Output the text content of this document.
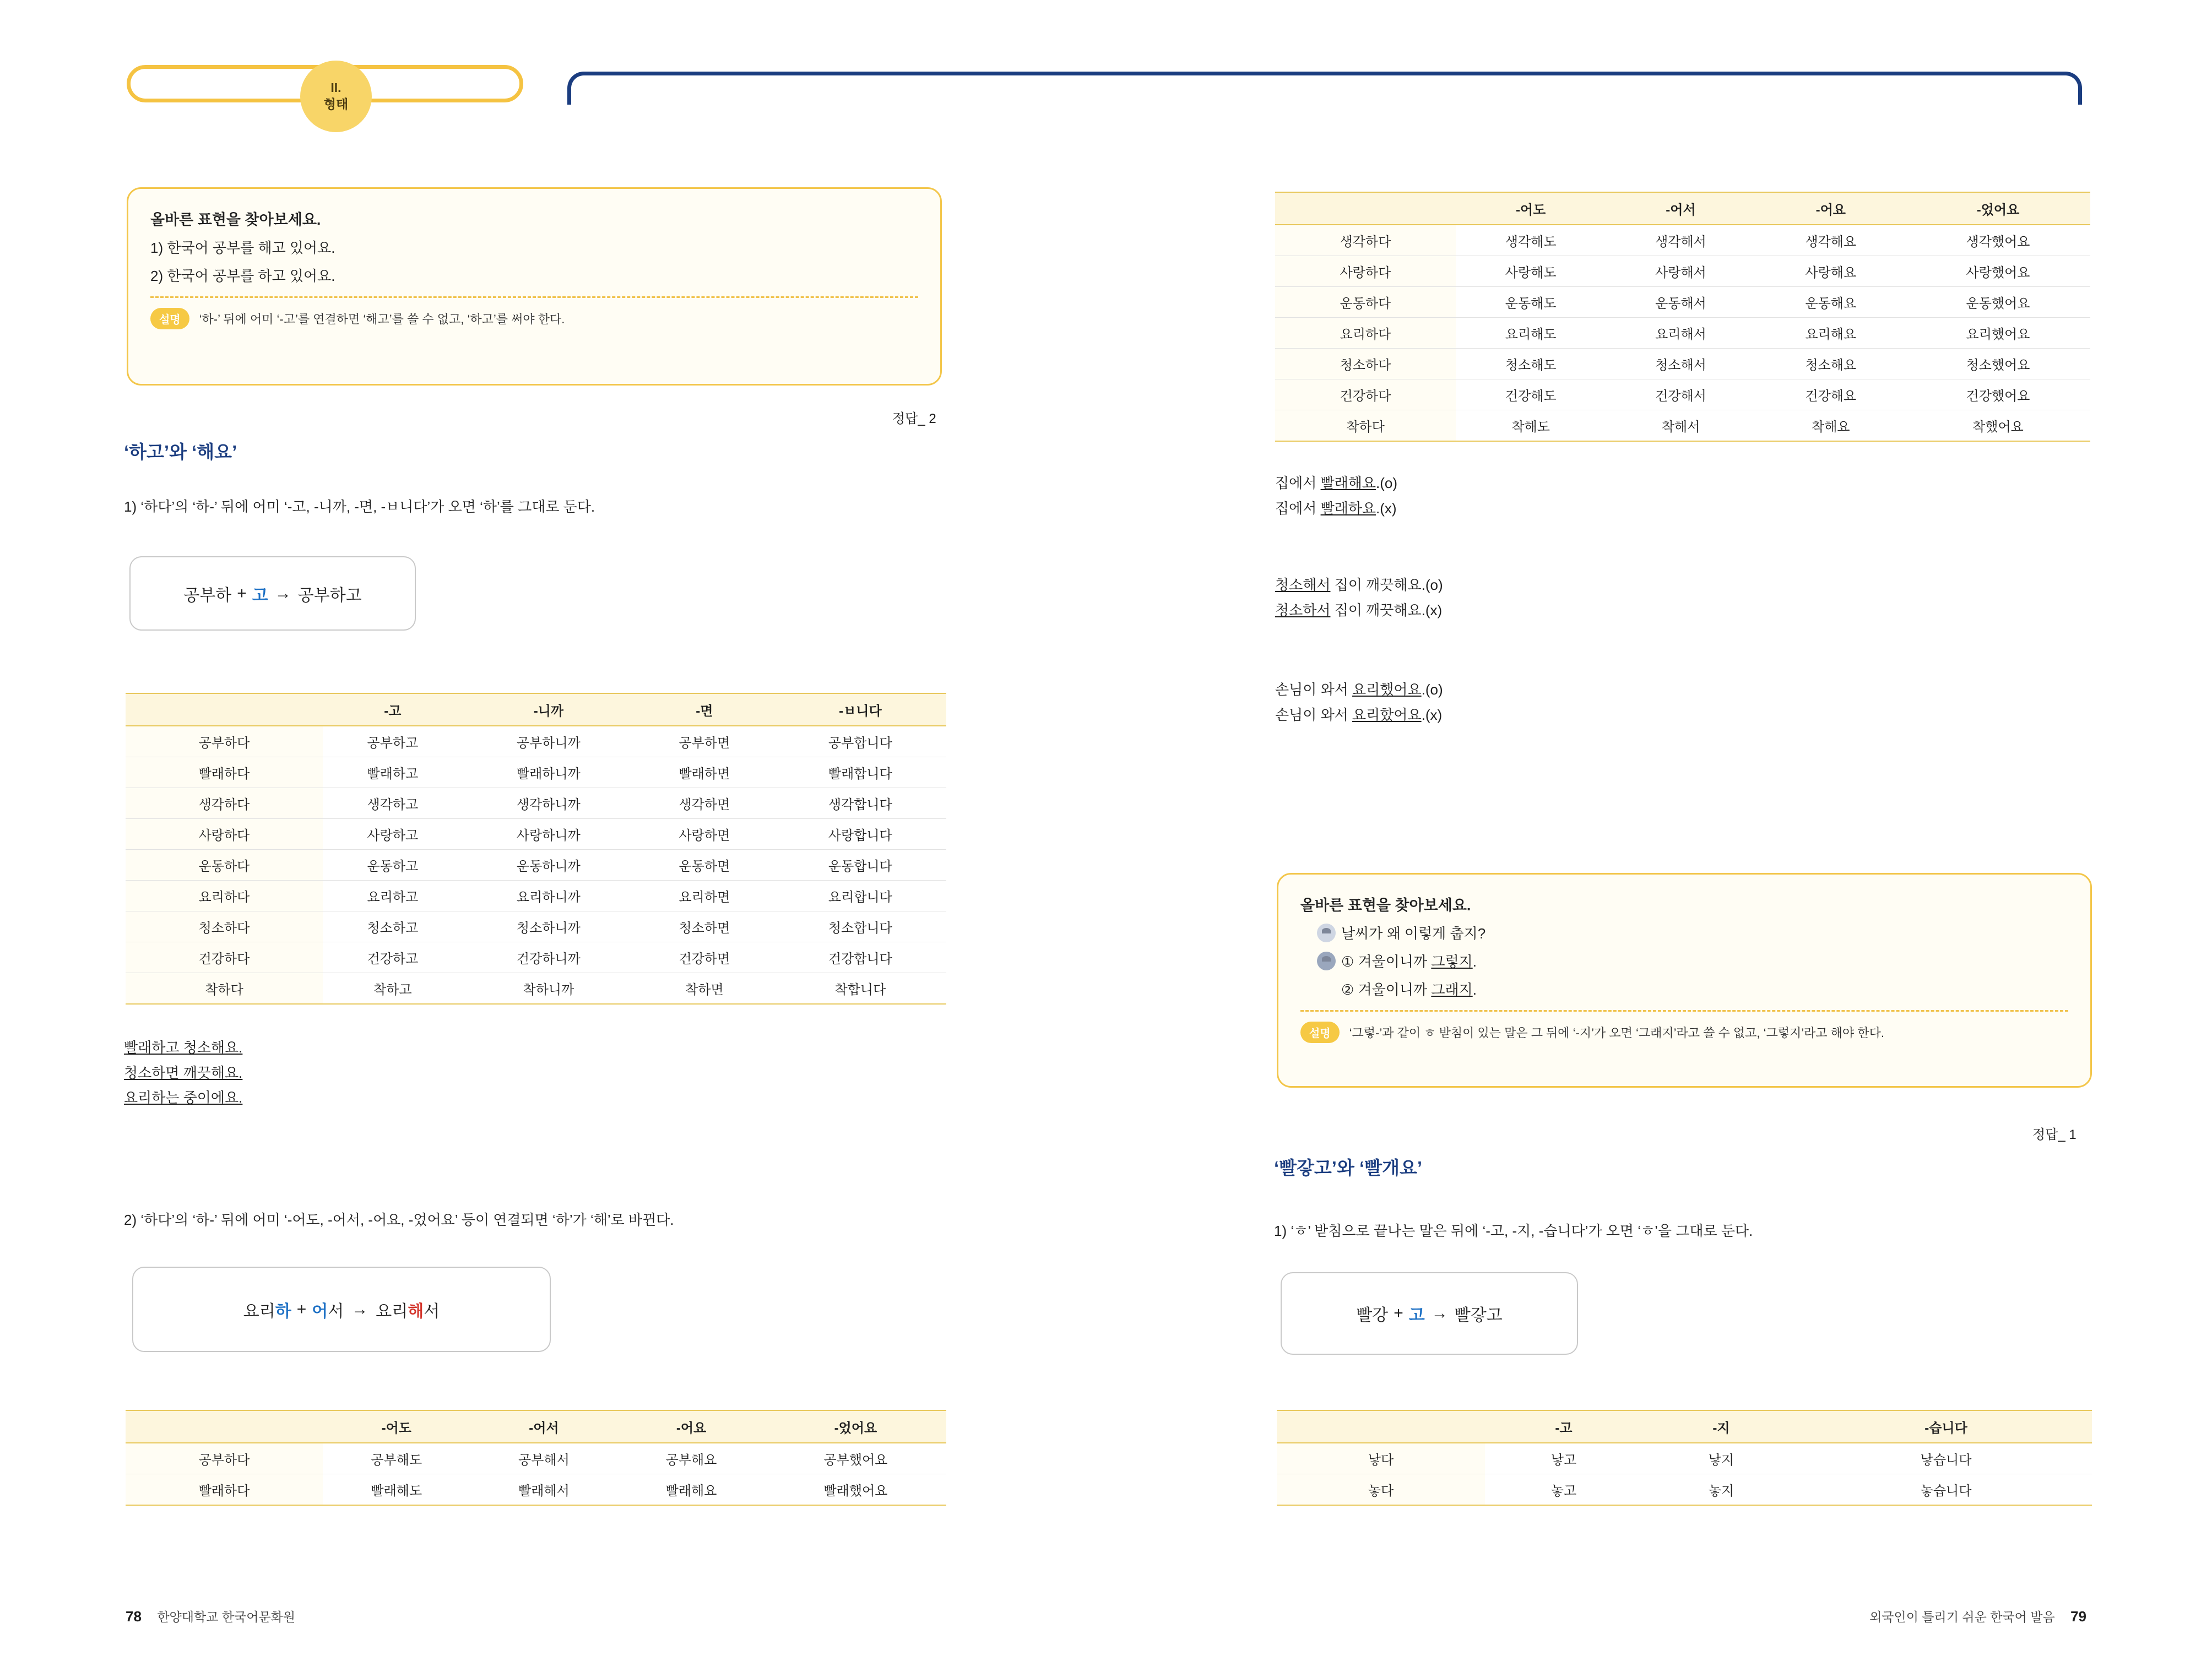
II.
형태
올바른 표현을 찾아보세요.
1) 한국어 공부를 해고 있어요.
2) 한국어 공부를 하고 있어요.
설명	‘하-’ 뒤에 어미 ‘-고’를 연결하면 ‘해고’를 쓸 수 없고, ‘하고’를 써야 한다.
정답_ 2
‘하고’와 ‘해요’
1) ‘하다’의 ‘하-’ 뒤에 어미 ‘-고, -니까, -면, -ㅂ니다’가 오면 ‘하’를 그대로 둔다.
공부하 + 고 → 공부하고
	-고	-니까	-면	-ㅂ니다
공부하다	공부하고	공부하니까	공부하면	공부합니다
빨래하다	빨래하고	빨래하니까	빨래하면	빨래합니다
생각하다	생각하고	생각하니까	생각하면	생각합니다
사랑하다	사랑하고	사랑하니까	사랑하면	사랑합니다
운동하다	운동하고	운동하니까	운동하면	운동합니다
요리하다	요리하고	요리하니까	요리하면	요리합니다
청소하다	청소하고	청소하니까	청소하면	청소합니다
건강하다	건강하고	건강하니까	건강하면	건강합니다
착하다	착하고	착하니까	착하면	착합니다
빨래하고 청소해요.
청소하면 깨끗해요.
요리하는 중이에요.
2) ‘하다’의 ‘하-’ 뒤에 어미 ‘-어도, -어서, -어요, -었어요’ 등이 연결되면 ‘하’가 ‘해’로 바뀐다.
요리 하 + 어 서 → 요리 해 서
	-어도	-어서	-어요	-었어요
공부하다	공부해도	공부해서	공부해요	공부했어요
빨래하다	빨래해도	빨래해서	빨래해요	빨래했어요
78 한양대학교 한국어문화원
	-어도	-어서	-어요	-었어요
생각하다	생각해도	생각해서	생각해요	생각했어요
사랑하다	사랑해도	사랑해서	사랑해요	사랑했어요
운동하다	운동해도	운동해서	운동해요	운동했어요
요리하다	요리해도	요리해서	요리해요	요리했어요
청소하다	청소해도	청소해서	청소해요	청소했어요
건강하다	건강해도	건강해서	건강해요	건강했어요
착하다	착해도	착해서	착해요	착했어요
집에서 빨래해요.(o)
집에서 빨래하요.(x)
청소해서 집이 깨끗해요.(o)
청소하서 집이 깨끗해요.(x)
손님이 와서 요리했어요.(o)
손님이 와서 요리핬어요.(x)
올바른 표현을 찾아보세요.
날씨가 왜 이렇게 춥지?
① 겨울이니까 그렇지.
② 겨울이니까 그래지.
설명	‘그렇-’과 같이 ㅎ 받침이 있는 말은 그 뒤에 ‘-지’가 오면 ‘그래지’라고 쓸 수 없고, ‘그렇지’라고 해야 한다.
정답_ 1
‘빨갛고’와 ‘빨개요’
1) ‘ㅎ’ 받침으로 끝나는 말은 뒤에 ‘-고, -지, -습니다’가 오면 ‘ㅎ’을 그대로 둔다.
빨강 + 고 → 빨갛고
	-고	-지	-습니다
낳다	낳고	낳지	낳습니다
놓다	놓고	놓지	놓습니다
외국인이 틀리기 쉬운 한국어 발음 79
